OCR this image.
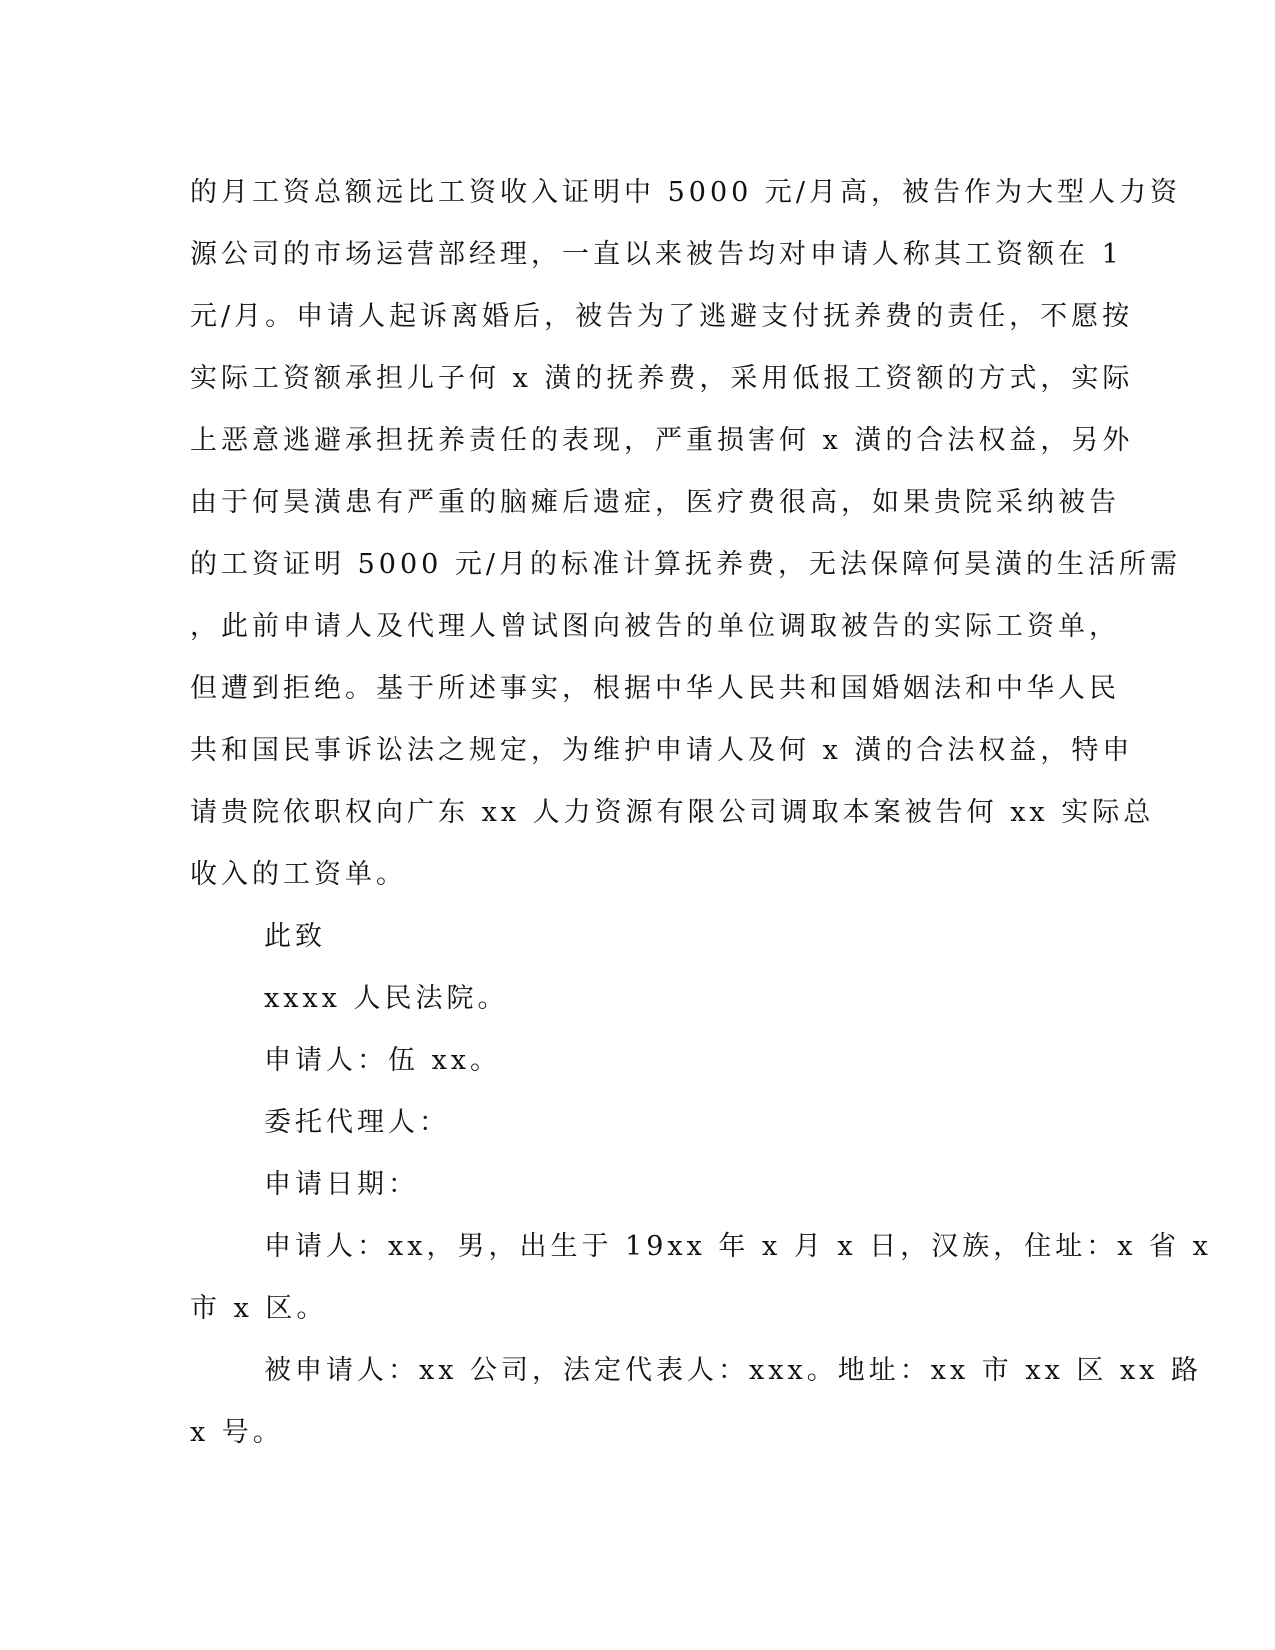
的月工资总额远比工资收入证明中 5000 元/月高，被告作为大型人力资
源公司的市场运营部经理，一直以来被告均对申请人称其工资额在 1
元/月。申请人起诉离婚后，被告为了逃避支付抚养费的责任，不愿按
实际工资额承担儿子何 x 潢的抚养费，采用低报工资额的方式，实际
上恶意逃避承担抚养责任的表现，严重损害何 x 潢的合法权益，另外
由于何昊潢患有严重的脑瘫后遗症，医疗费很高，如果贵院采纳被告
的工资证明 5000 元/月的标准计算抚养费，无法保障何昊潢的生活所需
，此前申请人及代理人曾试图向被告的单位调取被告的实际工资单，
但遭到拒绝。基于所述事实，根据中华人民共和国婚姻法和中华人民
共和国民事诉讼法之规定，为维护申请人及何 x 潢的合法权益，特申
请贵院依职权向广东 xx 人力资源有限公司调取本案被告何 xx 实际总
收入的工资单。
此致
xxxx 人民法院。
申请人：伍 xx。
委托代理人：
申请日期：
申请人：xx，男，出生于 19xx 年 x 月 x 日，汉族，住址：x 省 x
市 x 区。
被申请人：xx 公司，法定代表人：xxx。地址：xx 市 xx 区 xx 路
x 号。
